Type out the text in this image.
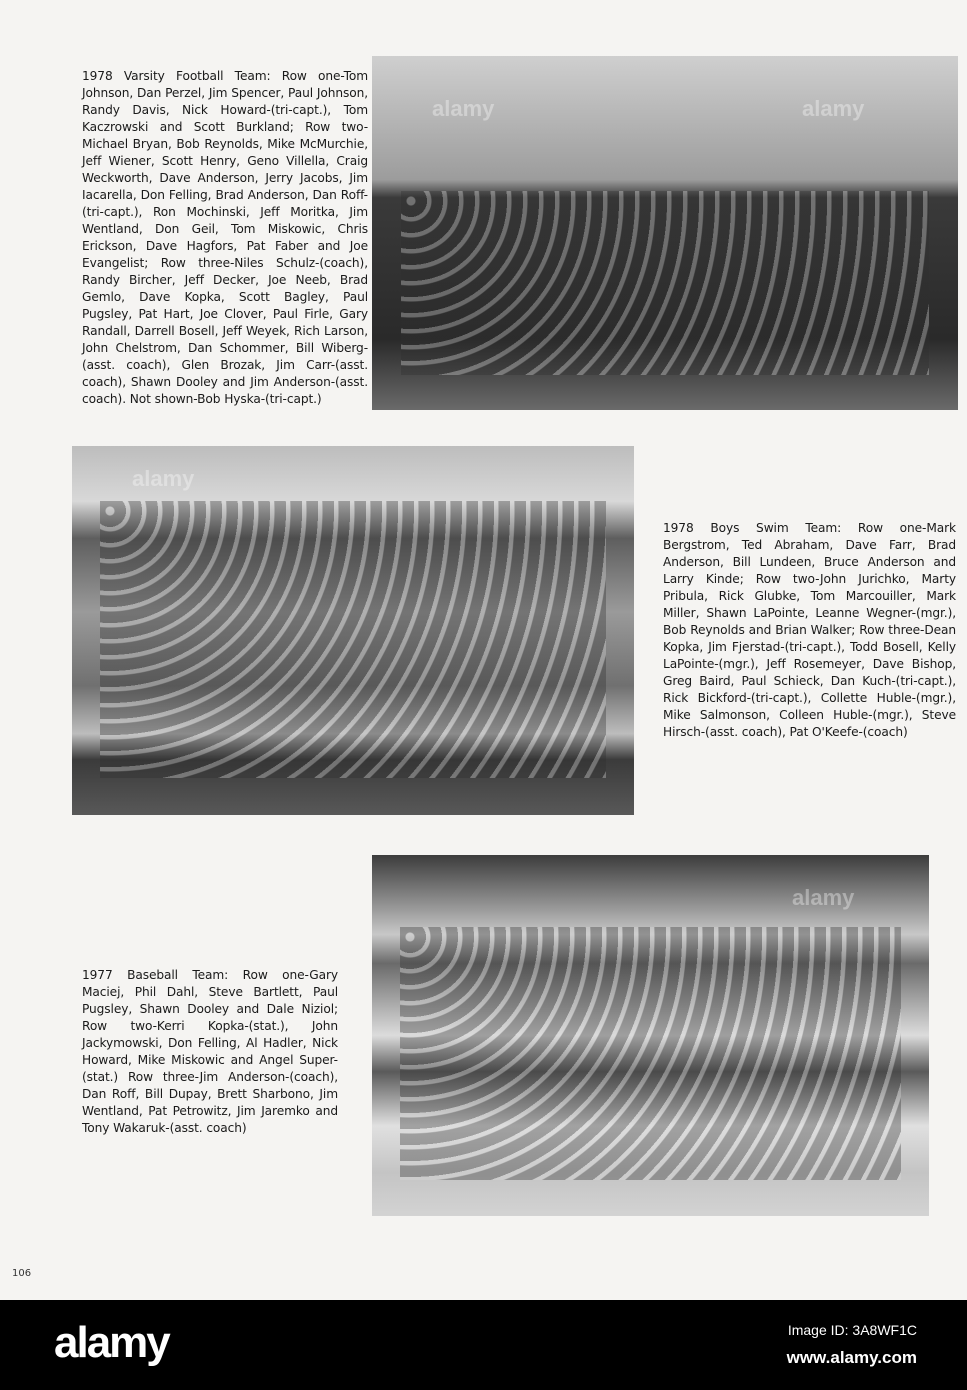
1978 Varsity Football Team: Row one-Tom Johnson, Dan Perzel, Jim Spencer, Paul Johnson, Randy Davis, Nick Howard-(tri-capt.), Tom Kaczrowski and Scott Burkland; Row two-Michael Bryan, Bob Reynolds, Mike McMurchie, Jeff Wiener, Scott Henry, Geno Villella, Craig Weckworth, Dave Anderson, Jerry Jacobs, Jim Iacarella, Don Felling, Brad Anderson, Dan Roff-(tri-capt.), Ron Mochinski, Jeff Moritka, Jim Wentland, Don Geil, Tom Miskowic, Chris Erickson, Dave Hagfors, Pat Faber and Joe Evangelist; Row three-Niles Schulz-(coach), Randy Bircher, Jeff Decker, Joe Neeb, Brad Gemlo, Dave Kopka, Scott Bagley, Paul Pugsley, Pat Hart, Joe Clover, Paul Firle, Gary Randall, Darrell Bosell, Jeff Weyek, Rich Larson, John Chelstrom, Dan Schommer, Bill Wiberg-(asst. coach), Glen Brozak, Jim Carr-(asst. coach), Shawn Dooley and Jim Anderson-(asst. coach). Not shown-Bob Hyska-(tri-capt.)

alamy	alamy
alamy

1978 Boys Swim Team: Row one-Mark Bergstrom, Ted Abraham, Dave Farr, Brad Anderson, Bill Lundeen, Bruce Anderson and Larry Kinde; Row two-John Jurichko, Marty Pribula, Rick Glubke, Tom Marcouiller, Mark Miller, Shawn LaPointe, Leanne Wegner-(mgr.), Bob Reynolds and Brian Walker; Row three-Dean Kopka, Jim Fjerstad-(tri-capt.), Todd Bosell, Kelly LaPointe-(mgr.), Jeff Rosemeyer, Dave Bishop, Greg Baird, Paul Schieck, Dan Kuch-(tri-capt.), Rick Bickford-(tri-capt.), Collette Huble-(mgr.), Mike Salmonson, Colleen Huble-(mgr.), Steve Hirsch-(asst. coach), Pat O'Keefe-(coach)

1977 Baseball Team: Row one-Gary Maciej, Phil Dahl, Steve Bartlett, Paul Pugsley, Shawn Dooley and Dale Niziol; Row two-Kerri Kopka-(stat.), John Jackymowski, Don Felling, Al Hadler, Nick Howard, Mike Miskowic and Angel Super-(stat.) Row three-Jim Anderson-(coach), Dan Roff, Bill Dupay, Brett Sharbono, Jim Wentland, Pat Petrowitz, Jim Jaremko and Tony Wakaruk-(asst. coach)

alamy
106
alamy	Image ID: 3A8WF1C
www.alamy.com
